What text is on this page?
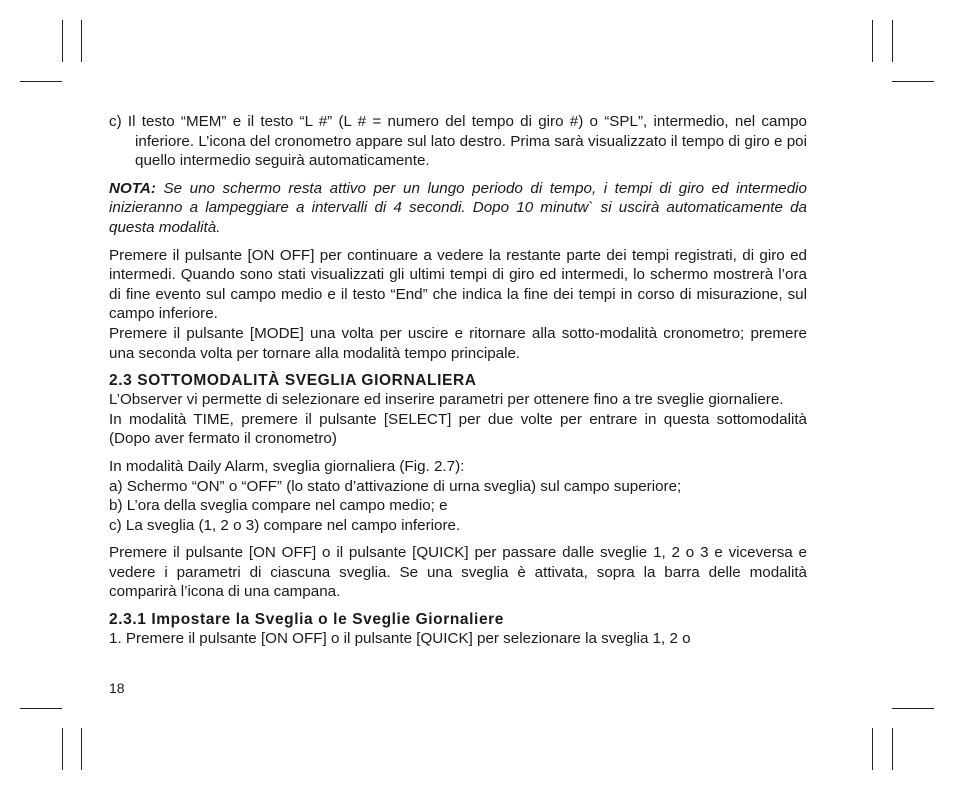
c) Il testo “MEM” e il testo “L #” (L # = numero del tempo di giro #) o “SPL”, intermedio, nel campo inferiore. L’icona del cronometro appare sul lato destro. Prima sarà visualizzato il tempo di giro e poi quello intermedio seguirà automaticamente.

NOTA: Se uno schermo resta attivo per un lungo periodo di tempo, i tempi di giro ed intermedio inizieranno a lampeggiare a intervalli di 4 secondi. Dopo 10 minutw` si uscirà automaticamente da questa modalità.

Premere il pulsante [ON OFF] per continuare a vedere la restante parte dei tempi registrati, di giro ed intermedi. Quando sono stati visualizzati gli ultimi tempi di giro ed intermedi, lo schermo mostrerà l’ora di fine evento sul campo medio e il testo “End” che indica la fine dei tempi in corso di misurazione, sul campo inferiore.

Premere il pulsante [MODE] una volta per uscire e ritornare alla sotto-modalità cronometro; premere una seconda volta per tornare alla modalità tempo principale.

2.3 SOTTOMODALITÀ SVEGLIA GIORNALIERA

L’Observer vi permette di selezionare ed inserire parametri per ottenere fino a tre sveglie giornaliere.

In modalità TIME, premere il pulsante [SELECT] per due volte per entrare in questa sottomodalità (Dopo aver fermato il cronometro)

In modalità Daily Alarm, sveglia giornaliera (Fig. 2.7):

a) Schermo “ON” o “OFF” (lo stato d’attivazione di urna sveglia) sul campo superiore;

b) L’ora della sveglia compare nel campo medio; e

c) La sveglia (1, 2 o 3) compare nel campo inferiore.

Premere il pulsante [ON OFF] o il pulsante [QUICK] per passare dalle sveglie 1, 2 o 3 e viceversa e vedere i parametri di ciascuna sveglia. Se una sveglia è attivata, sopra la barra delle modalità comparirà l’icona di una campana.

2.3.1 Impostare la Sveglia o le Sveglie Giornaliere

1. Premere il pulsante [ON OFF] o il pulsante [QUICK] per selezionare la sveglia 1, 2 o

18
